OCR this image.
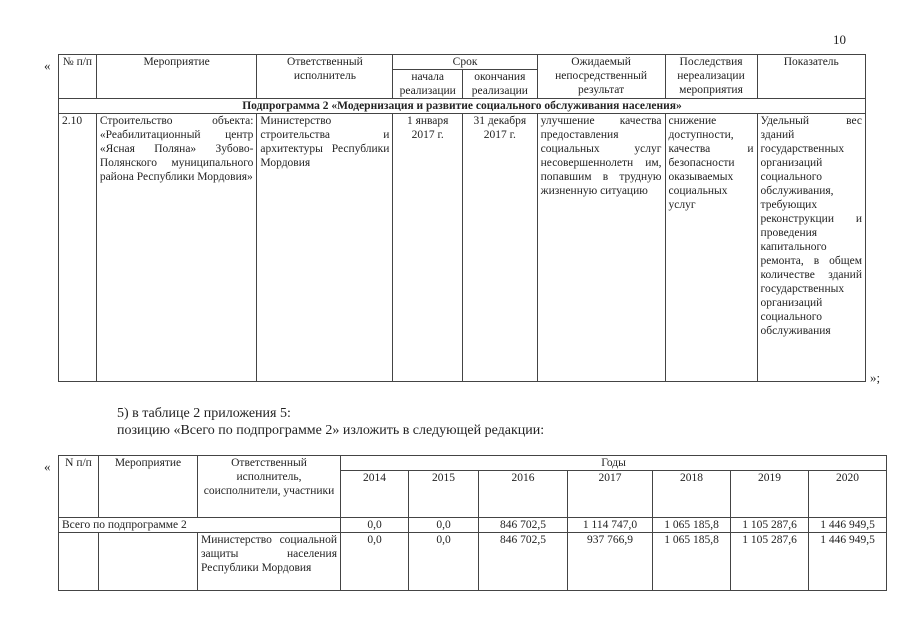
10
« № п/п	Мероприятие	Ответственный исполнитель	Срок		Ожидаемый непосредственный результат	Последствия нереализации мероприятия	Показатель
			начала реализации	окончания реализации			
Подпрограмма 2 «Модернизация и развитие социального обслуживания населения»							
2.10	Строительство объекта: «Реабилитационный центр «Ясная Поляна» Зубово-Полянского муниципального района Республики Мордовия»	Министерство строительства и архитектуры Республики Мордовия	1 января 2017 г.	31 декабря 2017 г.	улучшение качества предоставления социальных услуг несовершеннолетн им, попавшим в трудную жизненную ситуацию	снижение доступности, качества и безопасности оказываемых социальных услуг	Удельный вес зданий государственных организаций социального обслуживания, требующих реконструкции и проведения капитального ремонта, в общем количестве зданий государственных организаций социального обслуживания
»;
5) в таблице 2 приложения 5:
позицию «Всего по подпрограмме 2» изложить в следующей редакции:
« N п/п	Мероприятие	Ответственный исполнитель, соисполнители, участники	Годы						
			2014	2015	2016	2017	2018	2019	2020
Всего по подпрограмме 2			0,0	0,0	846 702,5	1 114 747,0	1 065 185,8	1 105 287,6	1 446 949,5
		Министерство социальной защиты населения Республики Мордовия	0,0	0,0	846 702,5	937 766,9	1 065 185,8	1 105 287,6	1 446 949,5
